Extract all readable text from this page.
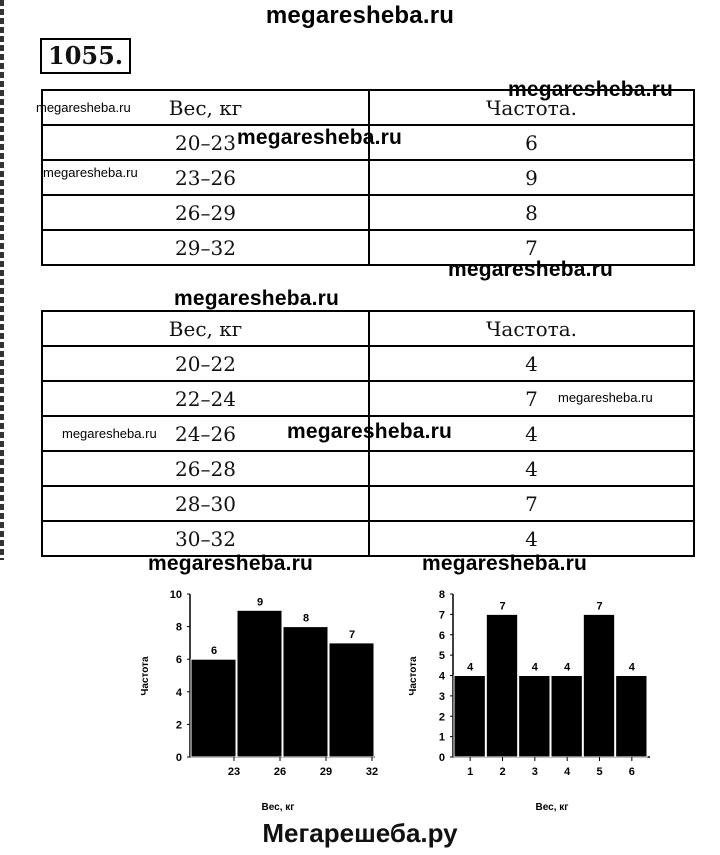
megaresheba.ru
1055.
Вес, кг	Частота.
20–23	6
23–26	9
26–29	8
29–32	7
Вес, кг	Частота.
20–22	4
22–24	7
24–26	4
26–28	4
28–30	7
30–32	4
megaresheba.ru
megaresheba.ru
megaresheba.ru
megaresheba.ru
megaresheba.ru
megaresheba.ru
megaresheba.ru
megaresheba.ru	megaresheba.ru
megaresheba.ru	megaresheba.ru
0
2
4
6
8
10
6
9
8
7
23	26	29	32
Вес, кг
Частота
0
1
2
3
4
5
6
7
8
4
7
4 4
7
4
1 2 3 4 5 6
Вес, кг
Частота
Мегарешеба.ру
